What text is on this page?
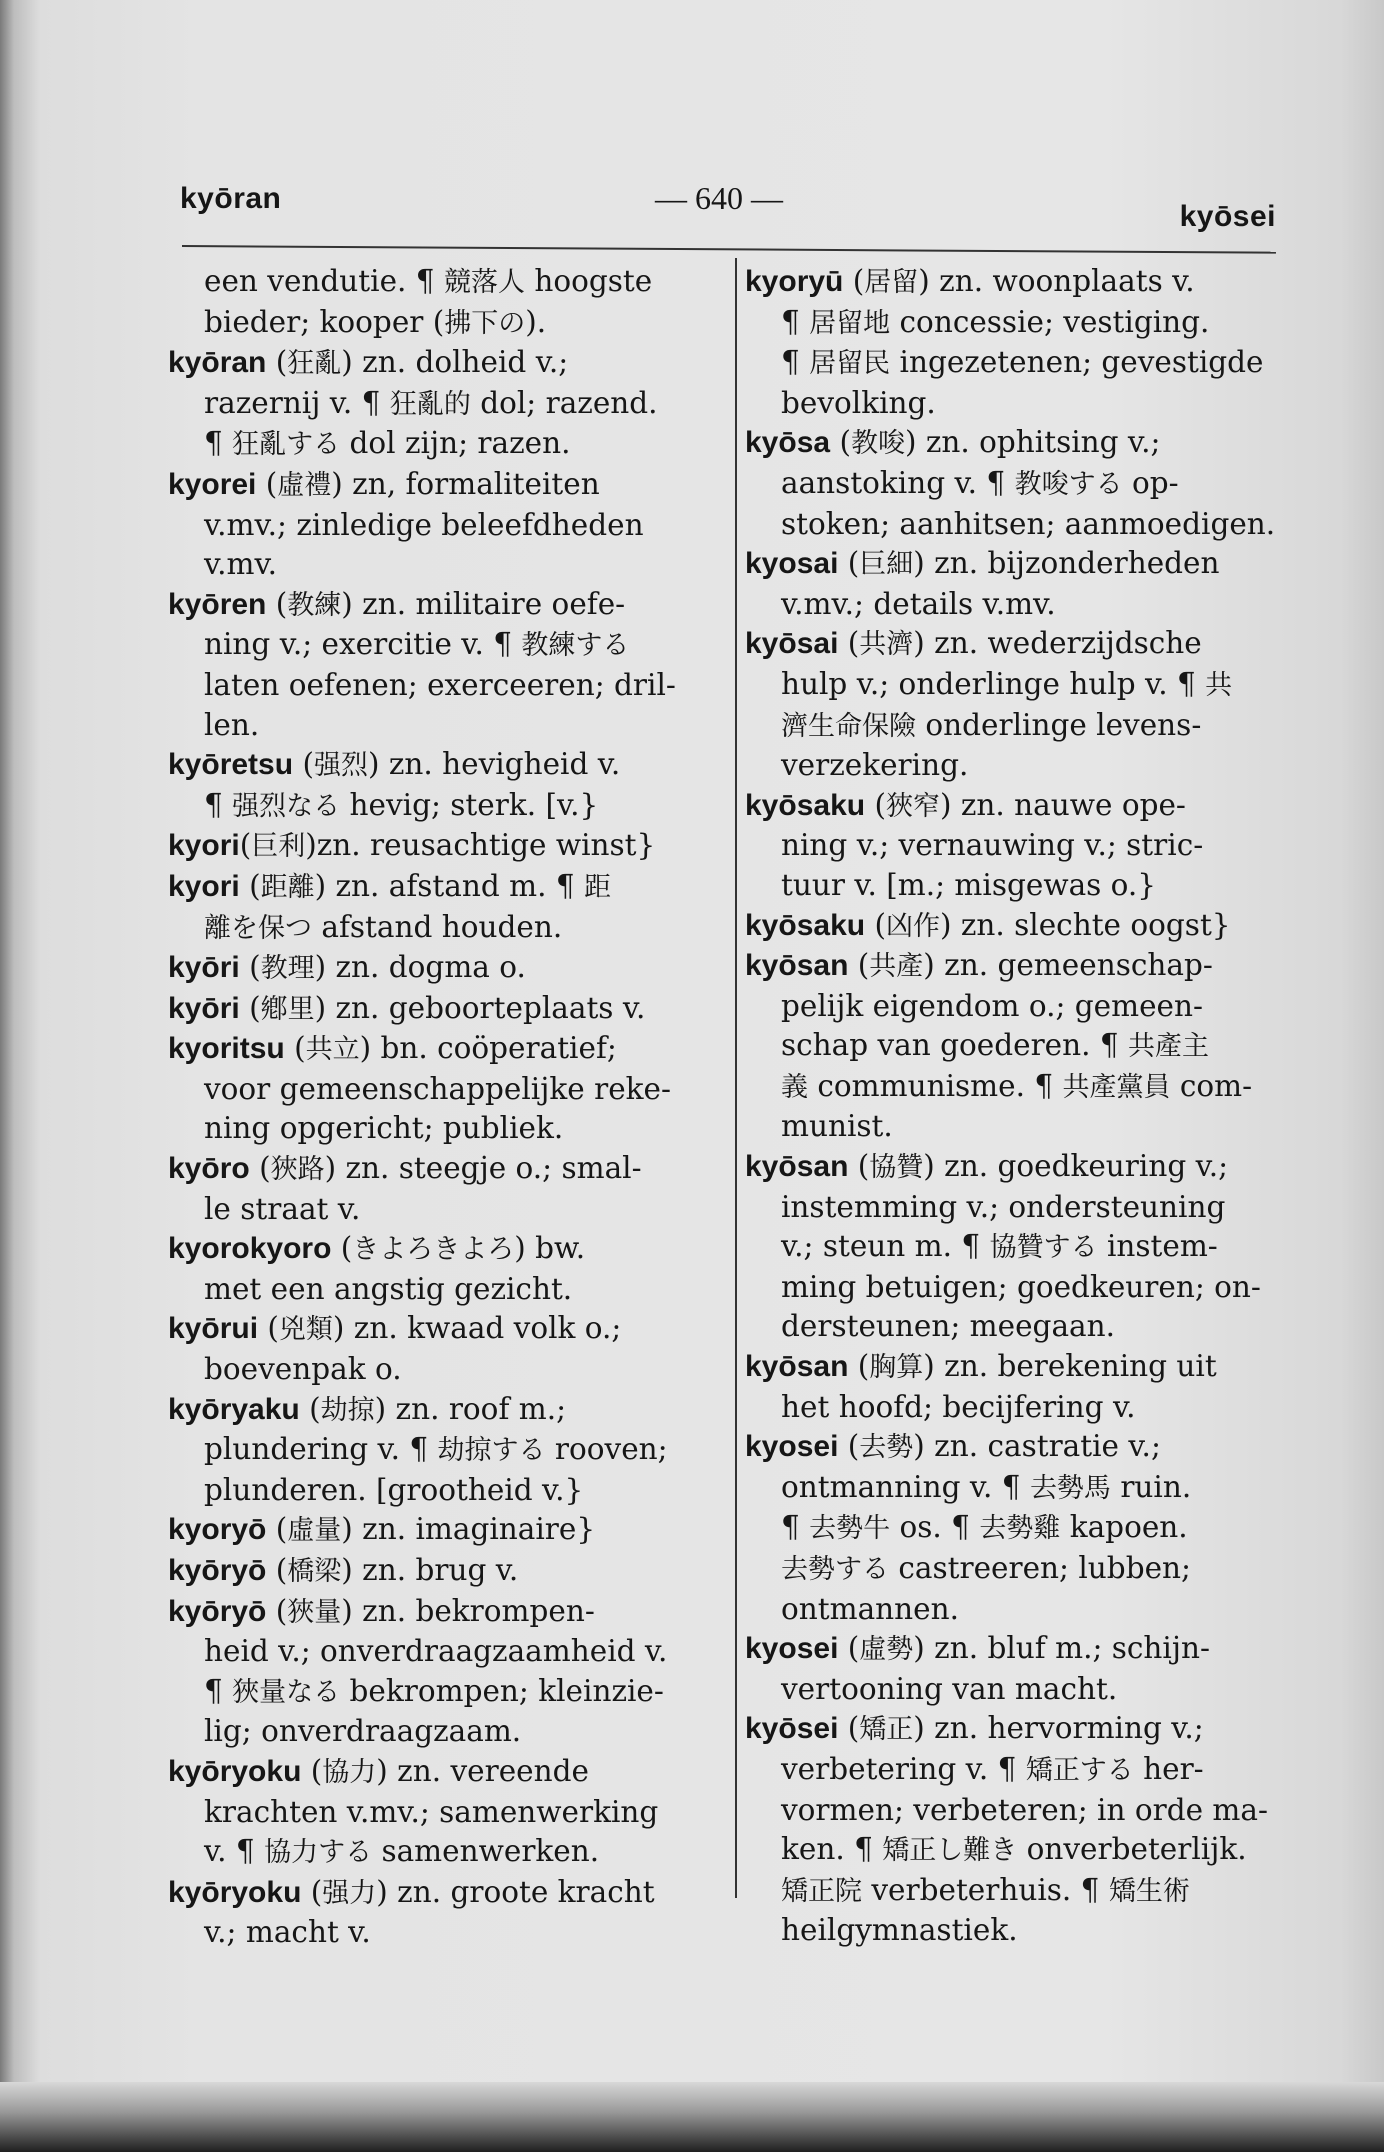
kyōran	— 640 —
kyōsei
een vendutie. ¶ 競落人 hoogste
bieder; kooper (拂下の).
kyōran (狂亂) zn. dolheid v.;
razernij v. ¶ 狂亂的 dol; razend.
¶ 狂亂する dol zijn; razen.
kyorei (虛禮) zn, formaliteiten
v.mv.; zinledige beleefdheden
v.mv.
kyōren (教練) zn. militaire oefe-
ning v.; exercitie v. ¶ 教練する
laten oefenen; exerceeren; dril-
len.
kyōretsu (强烈) zn. hevigheid v.
¶ 强烈なる hevig; sterk. [v.}
kyori(巨利)zn. reusachtige winst}
kyori (距離) zn. afstand m. ¶ 距
離を保つ afstand houden.
kyōri (教理) zn. dogma o.
kyōri (鄕里) zn. geboorteplaats v.
kyoritsu (共立) bn. coöperatief;
voor gemeenschappelijke reke-
ning opgericht; publiek.
kyōro (狹路) zn. steegje o.; smal-
le straat v.
kyorokyoro (きよろきよろ) bw.
met een angstig gezicht.
kyōrui (兇類) zn. kwaad volk o.;
boevenpak o.
kyōryaku (劫掠) zn. roof m.;
plundering v. ¶ 劫掠する rooven;
plunderen. [grootheid v.}
kyoryō (虛量) zn. imaginaire}
kyōryō (橋梁) zn. brug v.
kyōryō (狹量) zn. bekrompen-
heid v.; onverdraagzaamheid v.
¶ 狹量なる bekrompen; kleinzie-
lig; onverdraagzaam.
kyōryoku (協力) zn. vereende
krachten v.mv.; samenwerking
v. ¶ 協力する samenwerken.
kyōryoku (强力) zn. groote kracht
v.; macht v.
kyoryū (居留) zn. woonplaats v.
¶ 居留地 concessie; vestiging.
¶ 居留民 ingezetenen; gevestigde
bevolking.
kyōsa (教唆) zn. ophitsing v.;
aanstoking v. ¶ 教唆する op-
stoken; aanhitsen; aanmoedigen.
kyosai (巨細) zn. bijzonderheden
v.mv.; details v.mv.
kyōsai (共濟) zn. wederzijdsche
hulp v.; onderlinge hulp v. ¶ 共
濟生命保險 onderlinge levens-
verzekering.
kyōsaku (狹窄) zn. nauwe ope-
ning v.; vernauwing v.; stric-
tuur v. [m.; misgewas o.}
kyōsaku (凶作) zn. slechte oogst}
kyōsan (共產) zn. gemeenschap-
pelijk eigendom o.; gemeen-
schap van goederen. ¶ 共產主
義 communisme. ¶ 共產黨員 com-
munist.
kyōsan (協贊) zn. goedkeuring v.;
instemming v.; ondersteuning
v.; steun m. ¶ 協贊する instem-
ming betuigen; goedkeuren; on-
dersteunen; meegaan.
kyōsan (胸算) zn. berekening uit
het hoofd; becijfering v.
kyosei (去勢) zn. castratie v.;
ontmanning v. ¶ 去勢馬 ruin.
¶ 去勢牛 os. ¶ 去勢雞 kapoen.
去勢する castreeren; lubben;
ontmannen.
kyosei (虛勢) zn. bluf m.; schijn-
vertooning van macht.
kyōsei (矯正) zn. hervorming v.;
verbetering v. ¶ 矯正する her-
vormen; verbeteren; in orde ma-
ken. ¶ 矯正し難き onverbeterlijk.
矯正院 verbeterhuis. ¶ 矯生術
heilgymnastiek.
